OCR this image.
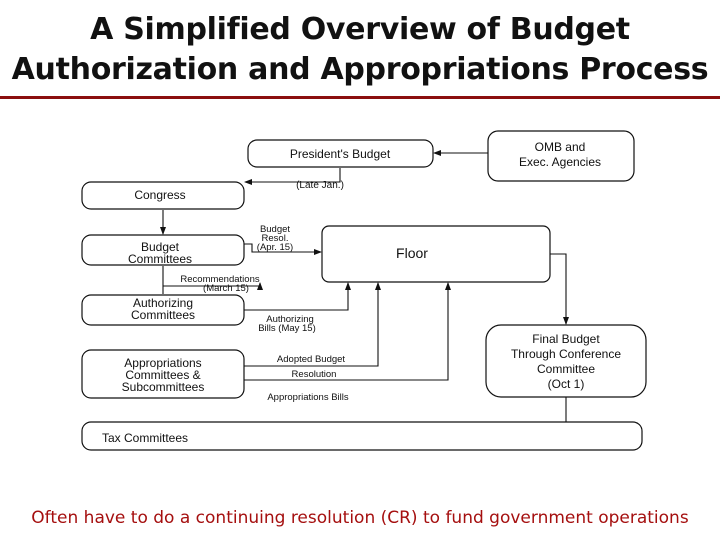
A Simplified Overview of Budget
Authorization and Appropriations Process
President's Budget	OMB and
Exec. Agencies
Congress
Budget
Committees	Floor
Authorizing
Committees
Appropriations
Committees &
Subcommittees
Final Budget
Through Conference
Committee
(Oct 1)
Tax Committees
(Late Jan.)
Budget
Resol.
(Apr. 15)
Recommendations
(March 15)
Authorizing
Bills (May 15)
Adopted Budget
Resolution
Appropriations Bills
Often have to do a continuing resolution (CR) to fund government operations
